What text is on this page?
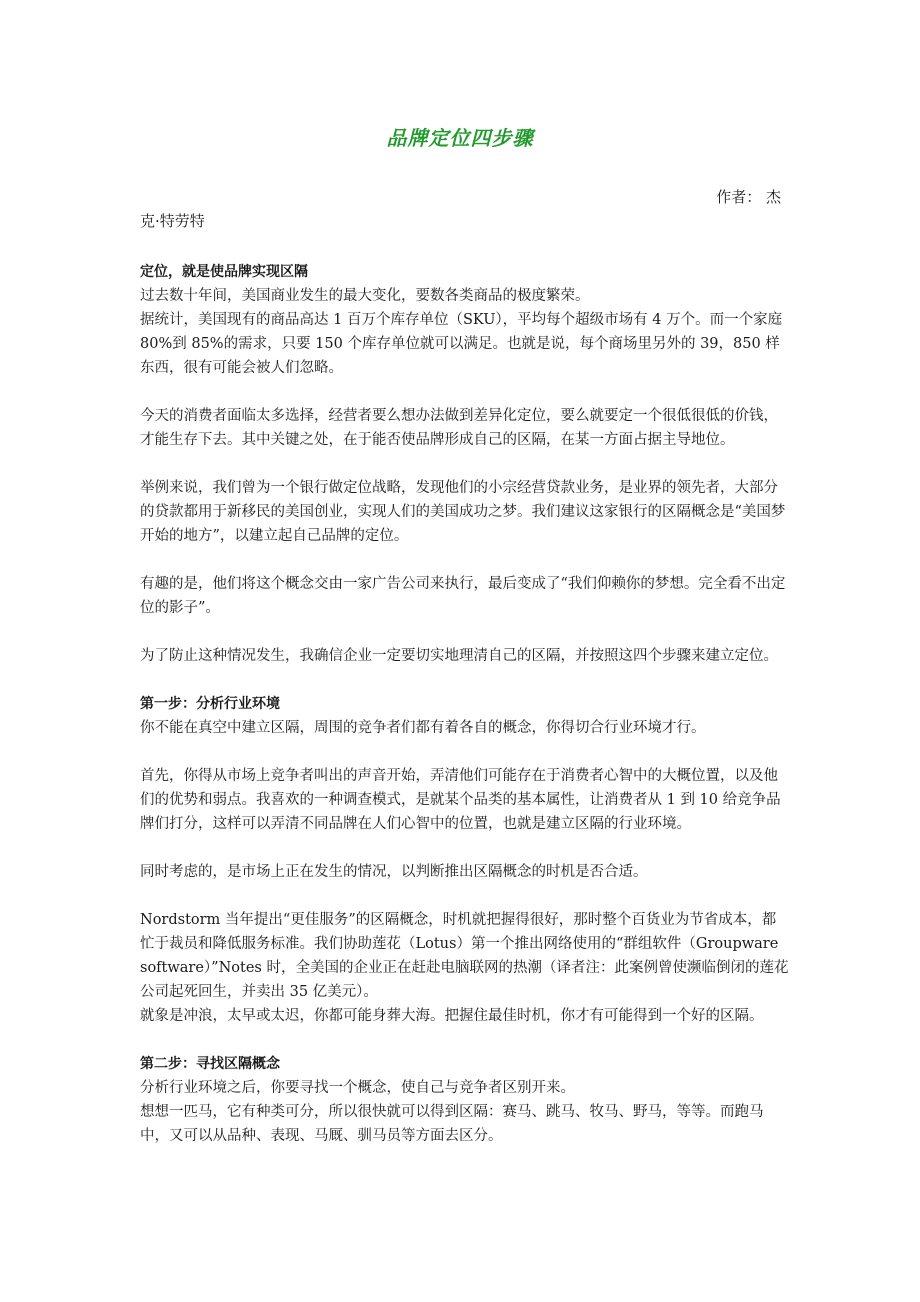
品牌定位四步骤
作者： 杰
克·特劳特

定位，就是使品牌实现区隔

过去数十年间，美国商业发生的最大变化，要数各类商品的极度繁荣。

据统计，美国现有的商品高达 1 百万个库存单位（SKU），平均每个超级市场有 4 万个。而一个家庭 80%到 85%的需求，只要 150 个库存单位就可以满足。也就是说，每个商场里另外的 39，850 样东西，很有可能会被人们忽略。

今天的消费者面临太多选择，经营者要么想办法做到差异化定位，要么就要定一个很低很低的价钱，才能生存下去。其中关键之处，在于能否使品牌形成自己的区隔，在某一方面占据主导地位。

举例来说，我们曾为一个银行做定位战略，发现他们的小宗经营贷款业务，是业界的领先者，大部分的贷款都用于新移民的美国创业，实现人们的美国成功之梦。我们建议这家银行的区隔概念是“美国梦开始的地方”，以建立起自己品牌的定位。

有趣的是，他们将这个概念交由一家广告公司来执行，最后变成了“我们仰赖你的梦想。完全看不出定位的影子”。

为了防止这种情况发生，我确信企业一定要切实地理清自己的区隔，并按照这四个步骤来建立定位。

第一步：分析行业环境

你不能在真空中建立区隔，周围的竞争者们都有着各自的概念，你得切合行业环境才行。

首先，你得从市场上竞争者叫出的声音开始，弄清他们可能存在于消费者心智中的大概位置，以及他们的优势和弱点。我喜欢的一种调查模式，是就某个品类的基本属性，让消费者从 1 到 10 给竞争品牌们打分，这样可以弄清不同品牌在人们心智中的位置，也就是建立区隔的行业环境。

同时考虑的，是市场上正在发生的情况，以判断推出区隔概念的时机是否合适。

Nordstorm 当年提出“更佳服务”的区隔概念，时机就把握得很好，那时整个百货业为节省成本，都忙于裁员和降低服务标准。我们协助莲花（Lotus）第一个推出网络使用的“群组软件（Groupware software）”Notes 时，全美国的企业正在赶赴电脑联网的热潮（译者注：此案例曾使濒临倒闭的莲花公司起死回生，并卖出 35 亿美元）。

就象是冲浪，太早或太迟，你都可能身葬大海。把握住最佳时机，你才有可能得到一个好的区隔。

第二步：寻找区隔概念

分析行业环境之后，你要寻找一个概念，使自己与竞争者区别开来。

想想一匹马，它有种类可分，所以很快就可以得到区隔：赛马、跳马、牧马、野马，等等。而跑马中，又可以从品种、表现、马厩、驯马员等方面去区分。
